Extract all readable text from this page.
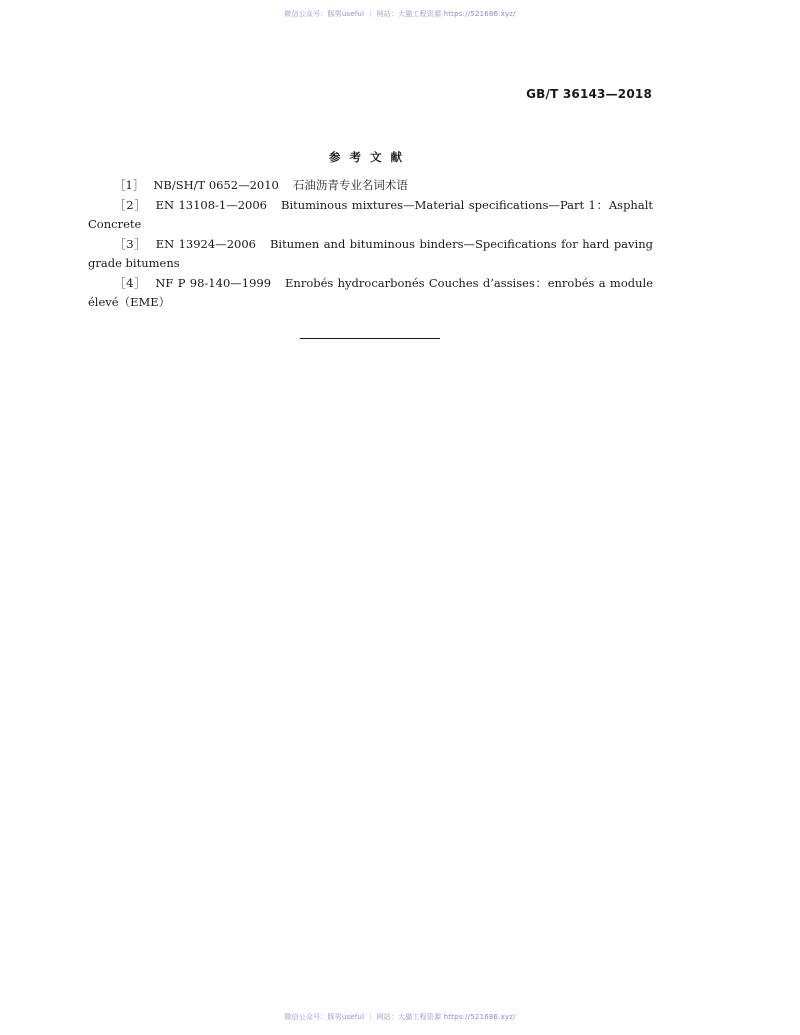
微信公众号：豚男useful ｜ 网站：大猫工程资源 https://521686.xyz/
GB/T 36143—2018
参考文献
［1］ NB/SH/T 0652—2010 石油沥青专业名词术语
［2］ EN 13108-1—2006 Bituminous mixtures—Material specifications—Part 1：Asphalt Concrete
［3］ EN 13924—2006 Bitumen and bituminous binders—Specifications for hard paving grade bitumens
［4］ NF P 98-140—1999 Enrobés hydrocarbonés Couches d’assises：enrobés a module élevé（EME）
微信公众号：豚男useful ｜ 网站：大猫工程资源 https://521686.xyz/
